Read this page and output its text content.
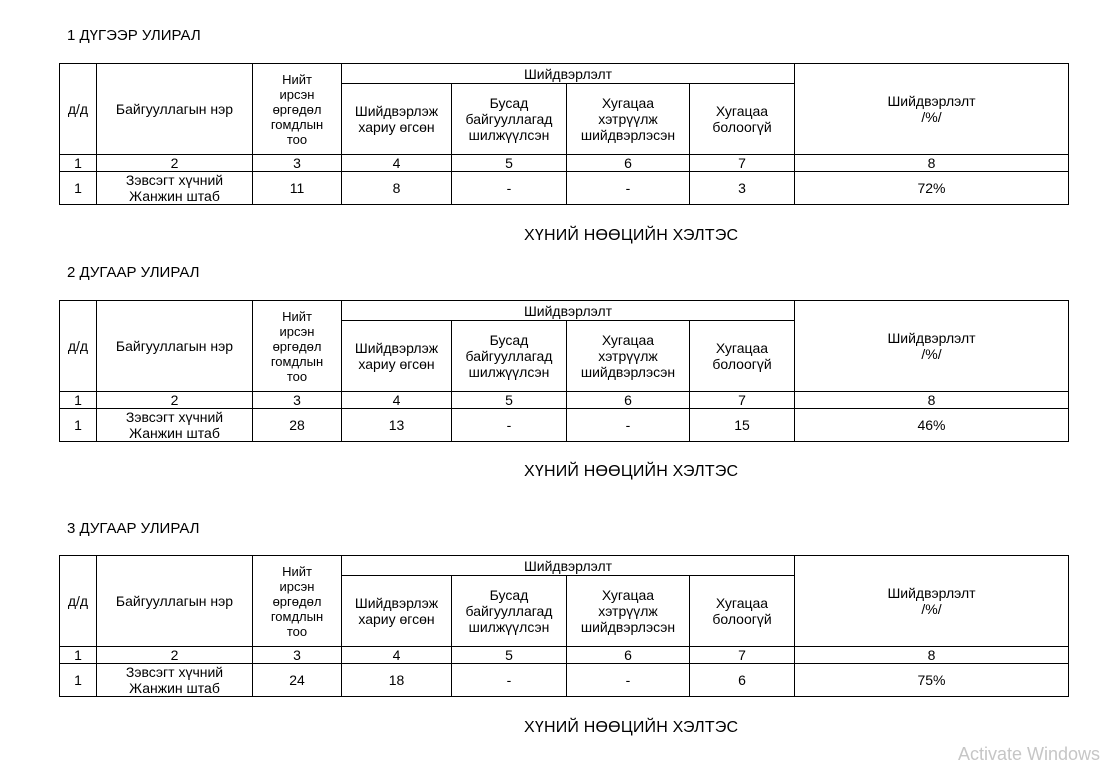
1 ДҮГЭЭР УЛИРАЛ
д/д	Байгууллагын нэр	Нийт
ирсэн
өргөдөл
гомдлын
тоо	Шийдвэрлэлт				Шийдвэрлэлт
/%/
			Шийдвэрлэж
хариу өгсөн	Бусад
байгууллагад
шилжүүлсэн	Хугацаа
хэтрүүлж
шийдвэрлэсэн	Хугацаа
болоогүй	
1	2	3	4	5	6	7	8
1	Зэвсэгт хүчний
Жанжин штаб	11	8	-	-	3	72%
ХҮНИЙ НӨӨЦИЙН ХЭЛТЭС
2 ДУГААР УЛИРАЛ
д/д	Байгууллагын нэр	Нийт
ирсэн
өргөдөл
гомдлын
тоо	Шийдвэрлэлт				Шийдвэрлэлт
/%/
			Шийдвэрлэж
хариу өгсөн	Бусад
байгууллагад
шилжүүлсэн	Хугацаа
хэтрүүлж
шийдвэрлэсэн	Хугацаа
болоогүй	
1	2	3	4	5	6	7	8
1	Зэвсэгт хүчний
Жанжин штаб	28	13	-	-	15	46%
ХҮНИЙ НӨӨЦИЙН ХЭЛТЭС
3 ДУГААР УЛИРАЛ
д/д	Байгууллагын нэр	Нийт
ирсэн
өргөдөл
гомдлын
тоо	Шийдвэрлэлт				Шийдвэрлэлт
/%/
			Шийдвэрлэж
хариу өгсөн	Бусад
байгууллагад
шилжүүлсэн	Хугацаа
хэтрүүлж
шийдвэрлэсэн	Хугацаа
болоогүй	
1	2	3	4	5	6	7	8
1	Зэвсэгт хүчний
Жанжин штаб	24	18	-	-	6	75%
ХҮНИЙ НӨӨЦИЙН ХЭЛТЭС
Activate Windows
